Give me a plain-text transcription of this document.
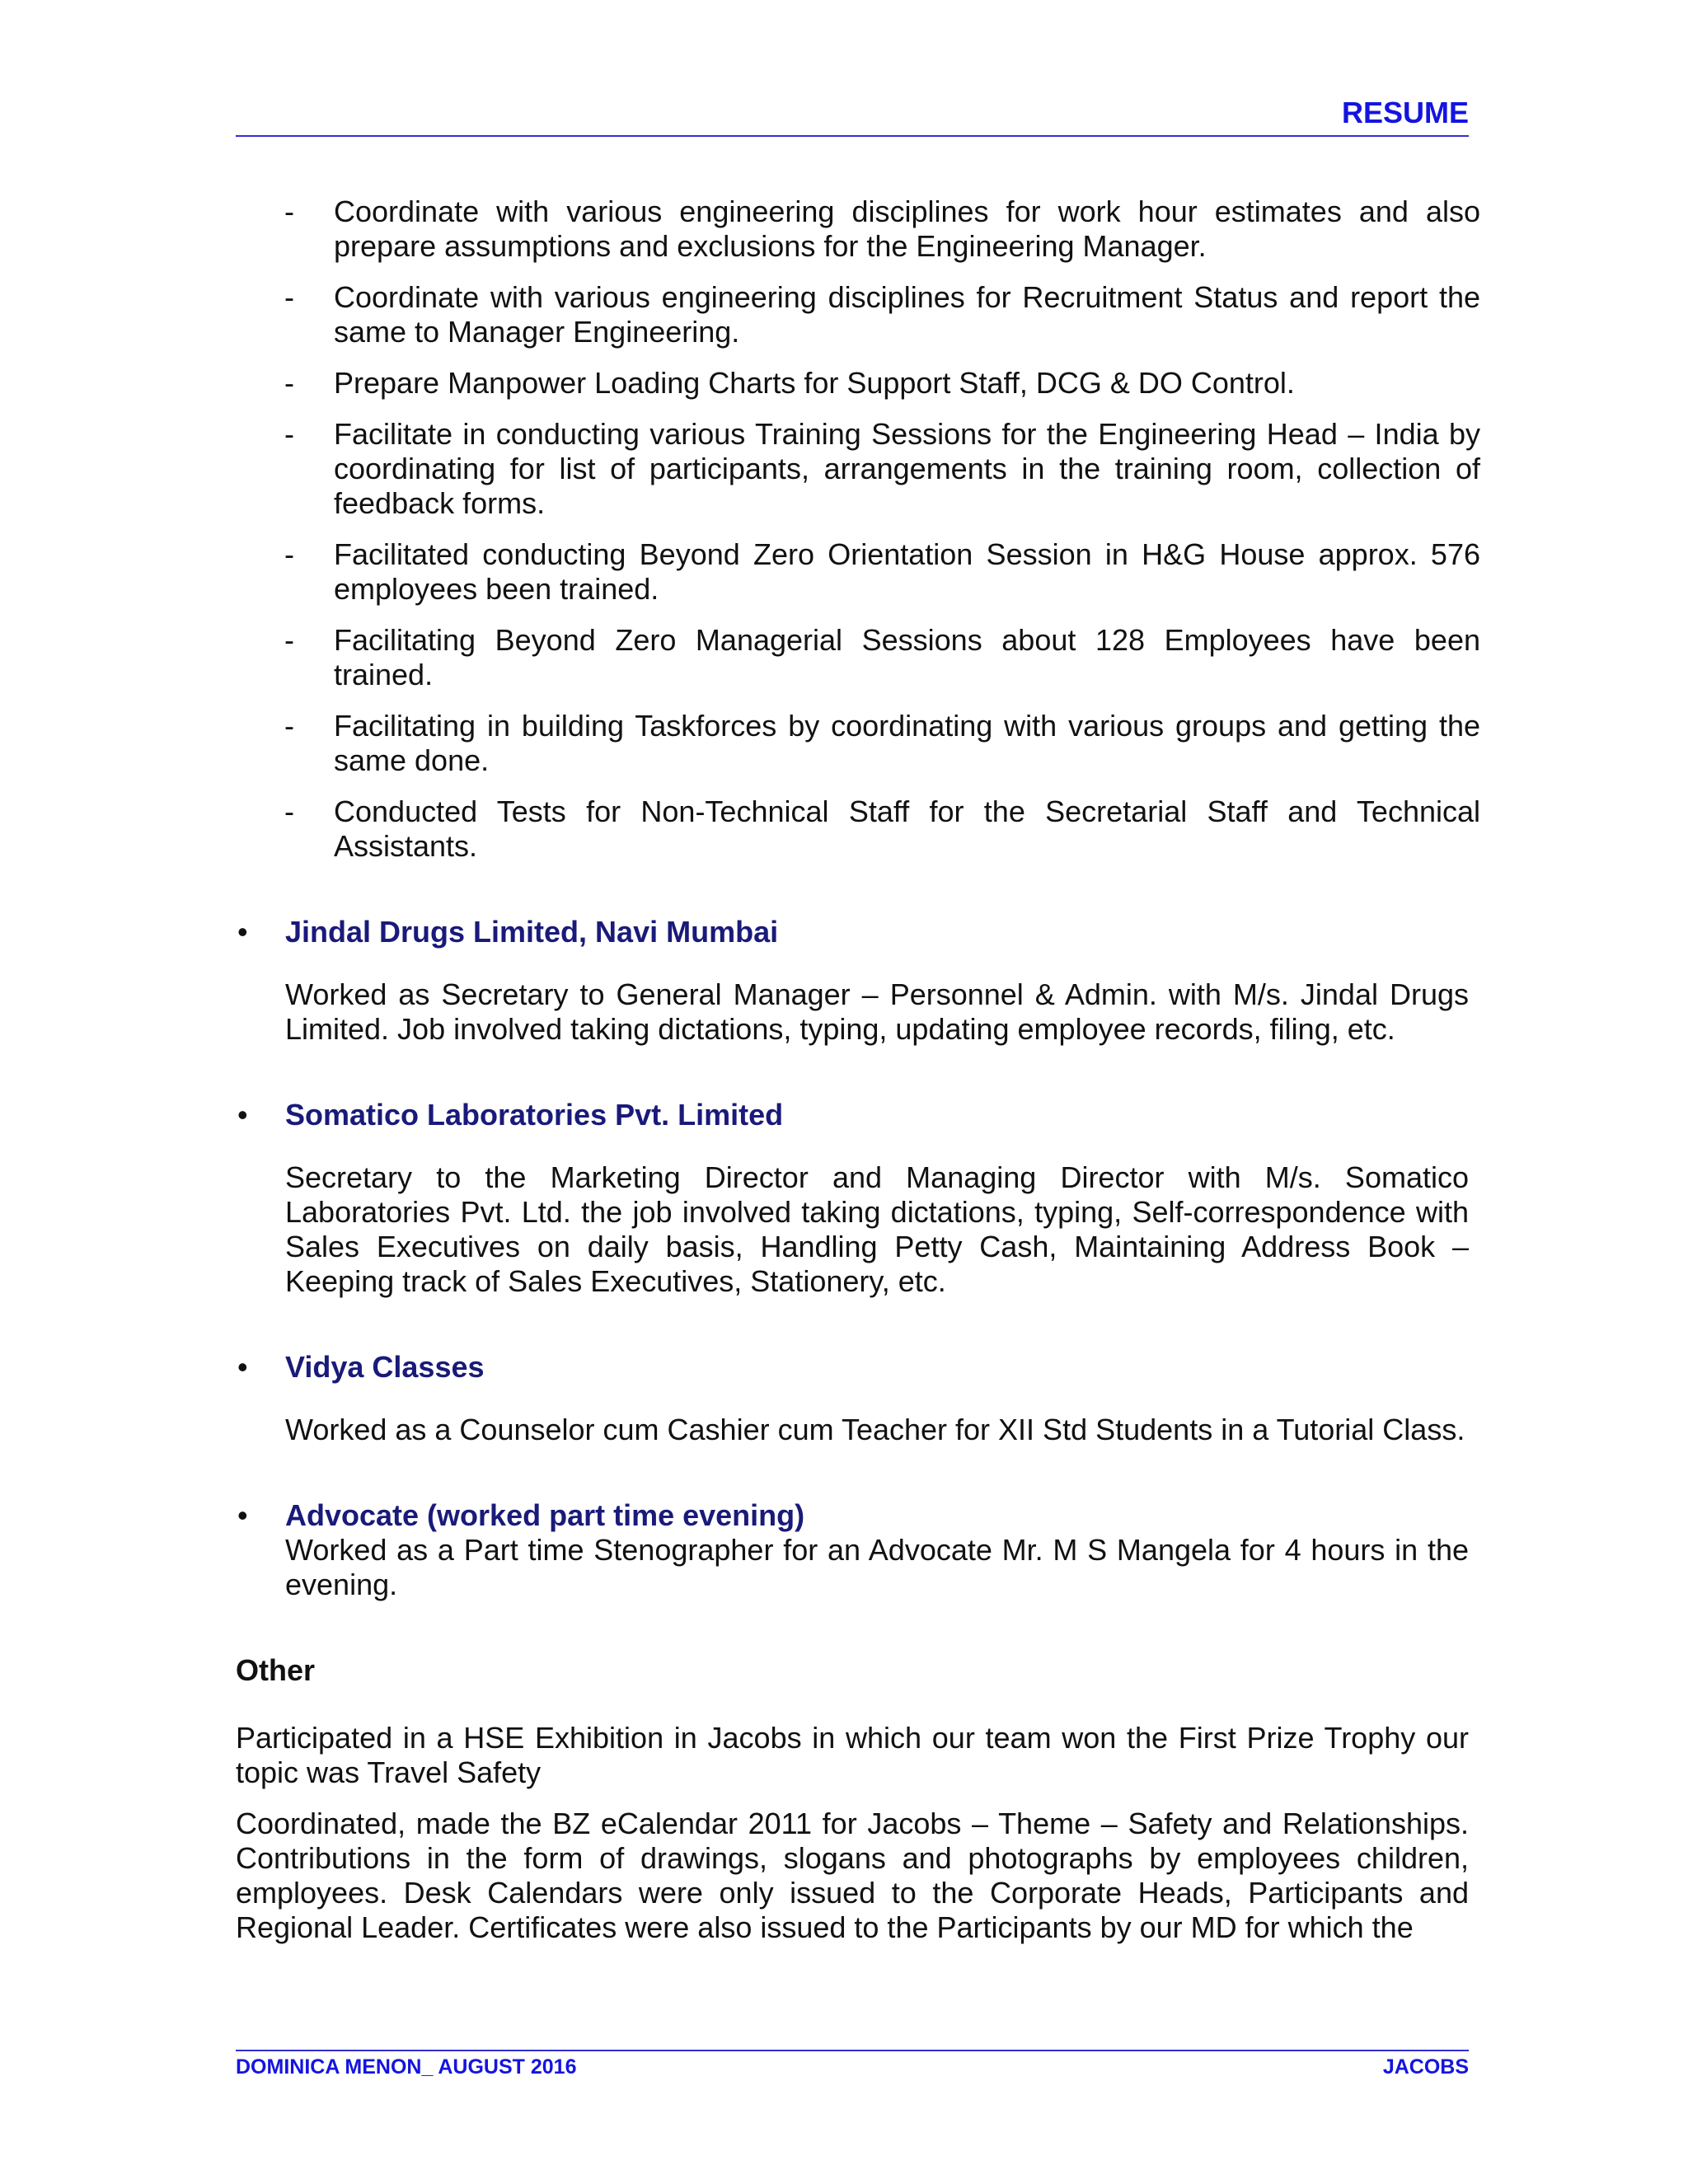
RESUME
- Coordinate with various engineering disciplines for work hour estimates and also prepare assumptions and exclusions for the Engineering Manager.
- Coordinate with various engineering disciplines for Recruitment Status and report the same to Manager Engineering.
- Prepare Manpower Loading Charts for Support Staff, DCG & DO Control.
- Facilitate in conducting various Training Sessions for the Engineering Head – India by coordinating for list of participants, arrangements in the training room, collection of feedback forms.
- Facilitated conducting Beyond Zero Orientation Session in H&G House approx. 576 employees been trained.
- Facilitating Beyond Zero Managerial Sessions about 128 Employees have been trained.
- Facilitating in building Taskforces by coordinating with various groups and getting the same done.
- Conducted Tests for Non-Technical Staff for the Secretarial Staff and Technical Assistants.
• Jindal Drugs Limited, Navi Mumbai
Worked as Secretary to General Manager – Personnel & Admin. with M/s. Jindal Drugs Limited. Job involved taking dictations, typing, updating employee records, filing, etc.
• Somatico Laboratories Pvt. Limited
Secretary to the Marketing Director and Managing Director with M/s. Somatico Laboratories Pvt. Ltd. the job involved taking dictations, typing, Self-correspondence with Sales Executives on daily basis, Handling Petty Cash, Maintaining Address Book – Keeping track of Sales Executives, Stationery, etc.
• Vidya Classes
Worked as a Counselor cum Cashier cum Teacher for XII Std Students in a Tutorial Class.
• Advocate (worked part time evening)
Worked as a Part time Stenographer for an Advocate Mr. M S Mangela for 4 hours in the evening.
Other
Participated in a HSE Exhibition in Jacobs in which our team won the First Prize Trophy our topic was Travel Safety
Coordinated, made the BZ eCalendar 2011 for Jacobs – Theme – Safety and Relationships. Contributions in the form of drawings, slogans and photographs by employees children, employees. Desk Calendars were only issued to the Corporate Heads, Participants and Regional Leader. Certificates were also issued to the Participants by our MD for which the
DOMINICA MENON_ AUGUST 2016	JACOBS
